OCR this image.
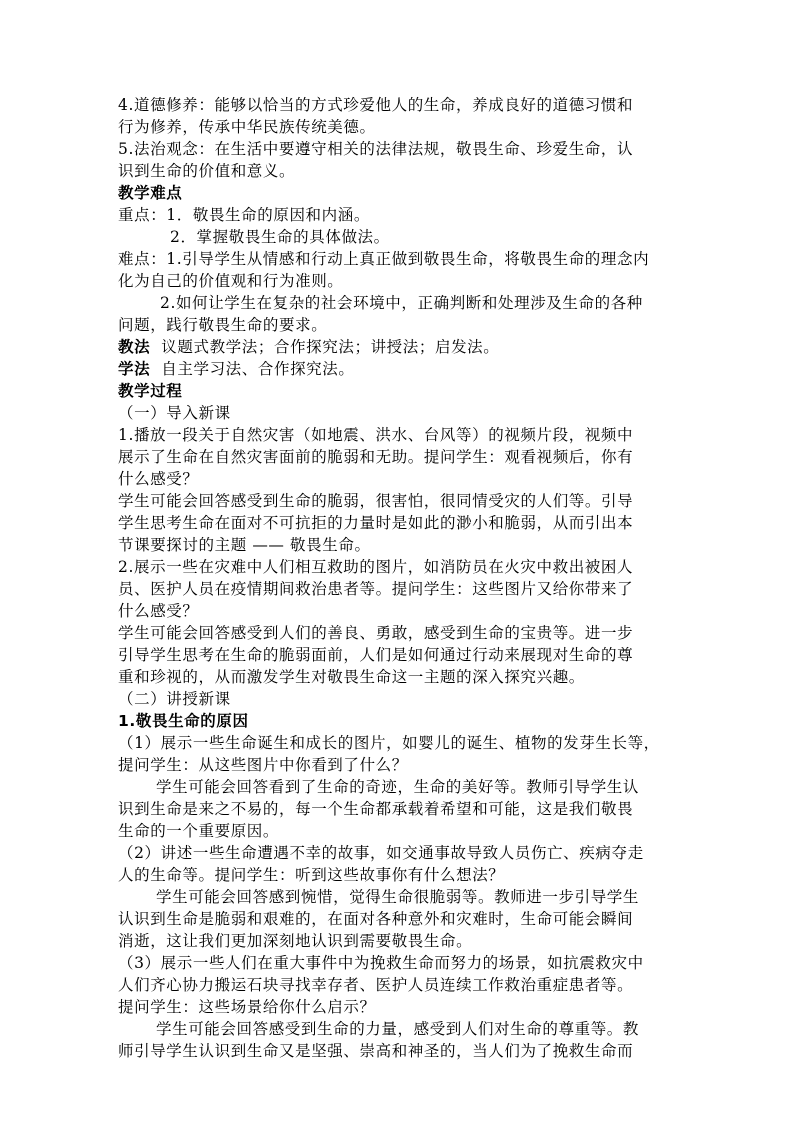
4.道德修养：能够以恰当的方式珍爱他人的生命，养成良好的道德习惯和
行为修养，传承中华民族传统美德。
5.法治观念：在生活中要遵守相关的法律法规，敬畏生命、珍爱生命，认
识到生命的价值和意义。
教学难点
重点：1．敬畏生命的原因和内涵。
2．掌握敬畏生命的具体做法。
难点：1.引导学生从情感和行动上真正做到敬畏生命，将敬畏生命的理念内
化为自己的价值观和行为准则。
2.如何让学生在复杂的社会环境中，正确判断和处理涉及生命的各种
问题，践行敬畏生命的要求。
教法 议题式教学法；合作探究法；讲授法；启发法。
学法 自主学习法、合作探究法。
教学过程
（一）导入新课
1.播放一段关于自然灾害（如地震、洪水、台风等）的视频片段，视频中
展示了生命在自然灾害面前的脆弱和无助。提问学生：观看视频后，你有
什么感受？
学生可能会回答感受到生命的脆弱，很害怕，很同情受灾的人们等。引导
学生思考生命在面对不可抗拒的力量时是如此的渺小和脆弱，从而引出本
节课要探讨的主题 —— 敬畏生命。
2.展示一些在灾难中人们相互救助的图片，如消防员在火灾中救出被困人
员、医护人员在疫情期间救治患者等。提问学生：这些图片又给你带来了
什么感受？
学生可能会回答感受到人们的善良、勇敢，感受到生命的宝贵等。进一步
引导学生思考在生命的脆弱面前，人们是如何通过行动来展现对生命的尊
重和珍视的，从而激发学生对敬畏生命这一主题的深入探究兴趣。
（二）讲授新课
1.敬畏生命的原因
（1）展示一些生命诞生和成长的图片，如婴儿的诞生、植物的发芽生长等，
提问学生：从这些图片中你看到了什么？
学生可能会回答看到了生命的奇迹，生命的美好等。教师引导学生认
识到生命是来之不易的，每一个生命都承载着希望和可能，这是我们敬畏
生命的一个重要原因。
（2）讲述一些生命遭遇不幸的故事，如交通事故导致人员伤亡、疾病夺走
人的生命等。提问学生：听到这些故事你有什么想法？
学生可能会回答感到惋惜，觉得生命很脆弱等。教师进一步引导学生
认识到生命是脆弱和艰难的，在面对各种意外和灾难时，生命可能会瞬间
消逝，这让我们更加深刻地认识到需要敬畏生命。
（3）展示一些人们在重大事件中为挽救生命而努力的场景，如抗震救灾中
人们齐心协力搬运石块寻找幸存者、医护人员连续工作救治重症患者等。
提问学生：这些场景给你什么启示？
学生可能会回答感受到生命的力量，感受到人们对生命的尊重等。教
师引导学生认识到生命又是坚强、崇高和神圣的，当人们为了挽救生命而
